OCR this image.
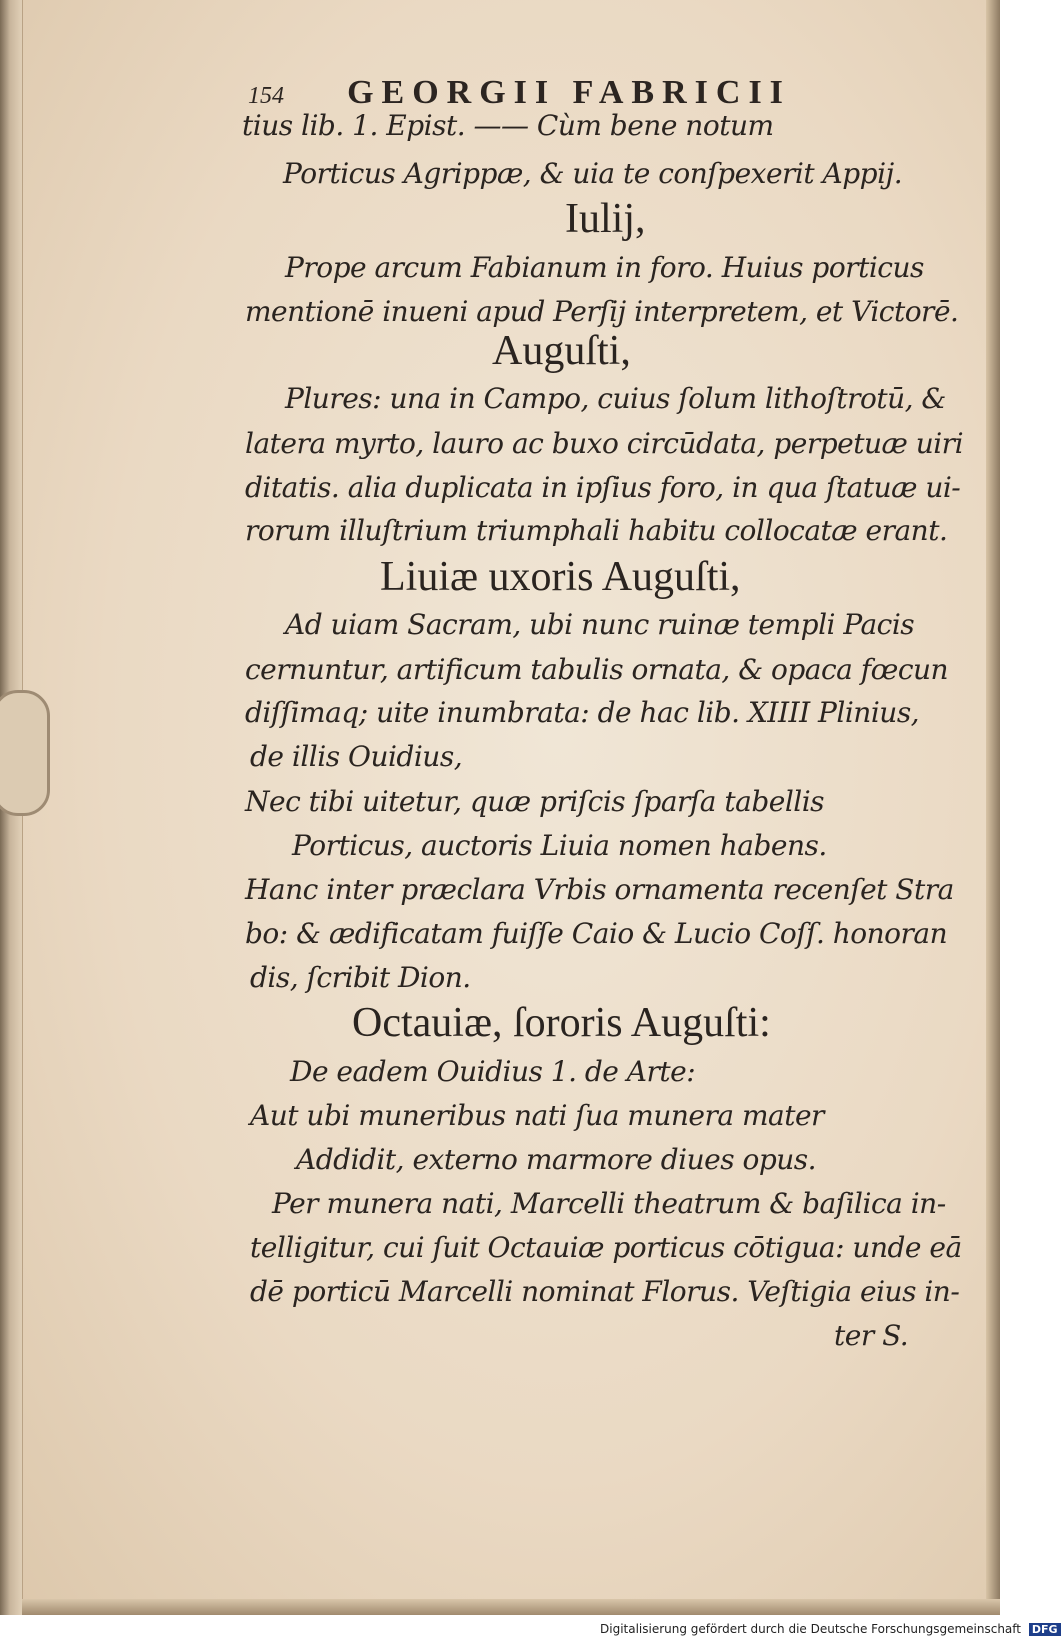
154 GEORGII FABRICII

tius lib. 1. Epist. —— Cùm bene notum

Porticus Agrippæ, & uia te conſpexerit Appij.

Iulij,

Prope arcum Fabianum in foro. Huius porticus

mentionē inueni apud Perſij interpretem, et Victorē.

Auguſti,

Plures: una in Campo, cuius ſolum lithoſtrotū, &

latera myrto, lauro ac buxo circūdata, perpetuæ uiri

ditatis. alia duplicata in ipſius foro, in qua ſtatuæ ui-

rorum illuſtrium triumphali habitu collocatæ erant.

Liuiæ uxoris Auguſti,

Ad uiam Sacram, ubi nunc ruinæ templi Pacis

cernuntur, artificum tabulis ornata, & opaca fœcun

diſſimaq; uite inumbrata: de hac lib. XIIII Plinius,

de illis Ouidius,

Nec tibi uitetur, quæ priſcis ſparſa tabellis

Porticus, auctoris Liuia nomen habens.

Hanc inter præclara Vrbis ornamenta recenſet Stra

bo: & ædificatam fuiſſe Caio & Lucio Coſſ. honoran

dis, ſcribit Dion.

Octauiæ, ſororis Auguſti:

De eadem Ouidius 1. de Arte:

Aut ubi muneribus nati ſua munera mater

Addidit, externo marmore diues opus.

Per munera nati, Marcelli theatrum & baſilica in-

telligitur, cui ſuit Octauiæ porticus cōtigua: unde eā

dē porticū Marcelli nominat Florus. Veſtigia eius in-

ter S.

Digitalisierung gefördert durch die Deutsche Forschungsgemeinschaft DFG
